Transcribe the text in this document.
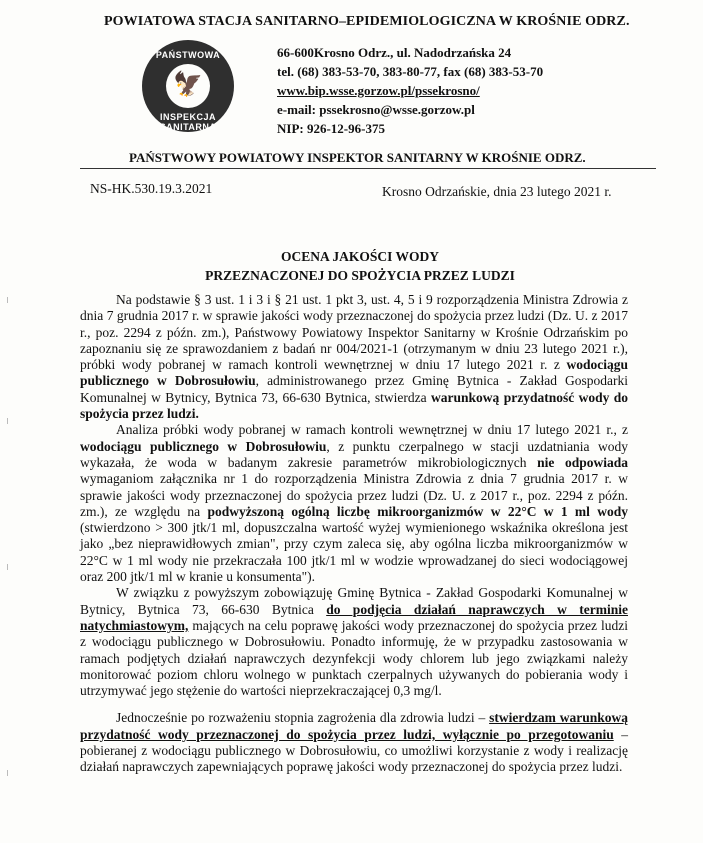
POWIATOWA STACJA SANITARNO–EPIDEMIOLOGICZNA W KROŚNIE ODRZ.
PAŃSTWOWA
🦅
INSPEKCJA SANITARNA
66-600Krosno Odrz., ul. Nadodrzańska 24
tel. (68) 383-53-70, 383-80-77, fax (68) 383-53-70
www.bip.wsse.gorzow.pl/pssekrosno/
e-mail: pssekrosno@wsse.gorzow.pl
NIP: 926-12-96-375
PAŃSTWOWY POWIATOWY INSPEKTOR SANITARNY W KROŚNIE ODRZ.
NS-HK.530.19.3.2021	Krosno Odrzańskie, dnia 23 lutego 2021 r.
OCENA JAKOŚCI WODY
PRZEZNACZONEJ DO SPOŻYCIA PRZEZ LUDZI

Na podstawie § 3 ust. 1 i 3 i § 21 ust. 1 pkt 3, ust. 4, 5 i 9 rozporządzenia Ministra Zdrowia z dnia 7 grudnia 2017 r. w sprawie jakości wody przeznaczonej do spożycia przez ludzi (Dz. U. z 2017 r., poz. 2294 z późn. zm.), Państwowy Powiatowy Inspektor Sanitarny w Krośnie Odrzańskim po zapoznaniu się ze sprawozdaniem z badań nr 004/2021-1 (otrzymanym w dniu 23 lutego 2021 r.), próbki wody pobranej w ramach kontroli wewnętrznej w dniu 17 lutego 2021 r. z wodociągu publicznego w Dobrosułowiu, administrowanego przez Gminę Bytnica - Zakład Gospodarki Komunalnej w Bytnicy, Bytnica 73, 66-630 Bytnica, stwierdza warunkową przydatność wody do spożycia przez ludzi.

Analiza próbki wody pobranej w ramach kontroli wewnętrznej w dniu 17 lutego 2021 r., z wodociągu publicznego w Dobrosułowiu, z punktu czerpalnego w stacji uzdatniania wody wykazała, że woda w badanym zakresie parametrów mikrobiologicznych nie odpowiada wymaganiom załącznika nr 1 do rozporządzenia Ministra Zdrowia z dnia 7 grudnia 2017 r. w sprawie jakości wody przeznaczonej do spożycia przez ludzi (Dz. U. z 2017 r., poz. 2294 z późn. zm.), ze względu na podwyższoną ogólną liczbę mikroorganizmów w 22°C w 1 ml wody (stwierdzono > 300 jtk/1 ml, dopuszczalna wartość wyżej wymienionego wskaźnika określona jest jako „bez nieprawidłowych zmian", przy czym zaleca się, aby ogólna liczba mikroorganizmów w 22°C w 1 ml wody nie przekraczała 100 jtk/1 ml w wodzie wprowadzanej do sieci wodociągowej oraz 200 jtk/1 ml w kranie u konsumenta").

W związku z powyższym zobowiązuję Gminę Bytnica - Zakład Gospodarki Komunalnej w Bytnicy, Bytnica 73, 66-630 Bytnica do podjęcia działań naprawczych w terminie natychmiastowym, mających na celu poprawę jakości wody przeznaczonej do spożycia przez ludzi z wodociągu publicznego w Dobrosułowiu. Ponadto informuję, że w przypadku zastosowania w ramach podjętych działań naprawczych dezynfekcji wody chlorem lub jego związkami należy monitorować poziom chloru wolnego w punktach czerpalnych używanych do pobierania wody i utrzymywać jego stężenie do wartości nieprzekraczającej 0,3 mg/l.

Jednocześnie po rozważeniu stopnia zagrożenia dla zdrowia ludzi – stwierdzam warunkową przydatność wody przeznaczonej do spożycia przez ludzi, wyłącznie po przegotowaniu – pobieranej z wodociągu publicznego w Dobrosułowiu, co umożliwi korzystanie z wody i realizację działań naprawczych zapewniających poprawę jakości wody przeznaczonej do spożycia przez ludzi.
